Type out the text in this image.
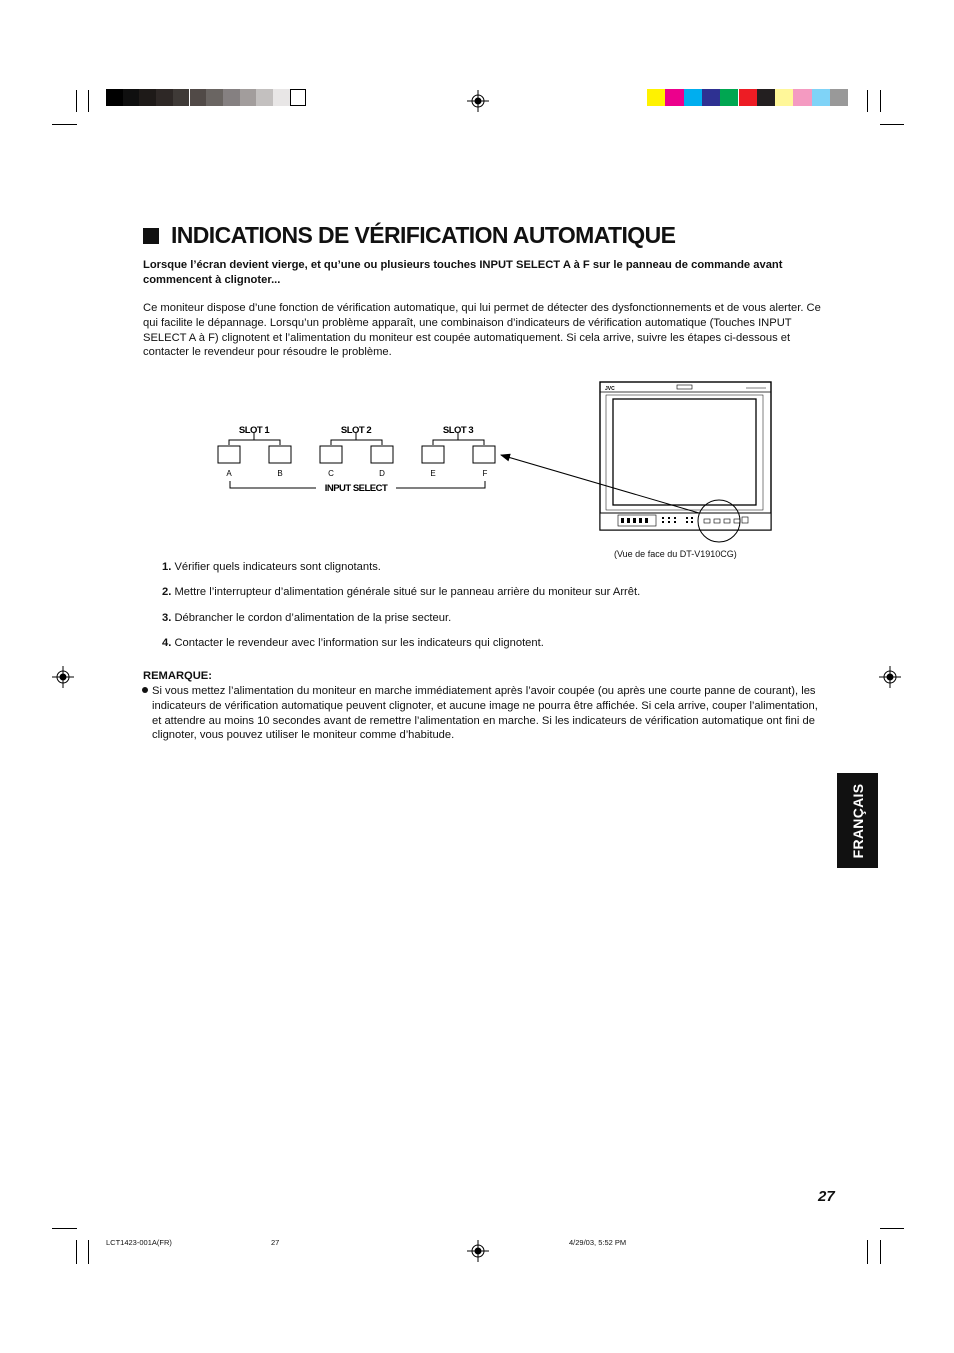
INDICATIONS DE VÉRIFICATION AUTOMATIQUE
Lorsque l’écran devient vierge, et qu’une ou plusieurs touches INPUT SELECT A à F sur le panneau de commande avant commencent à clignoter...
Ce moniteur dispose d’une fonction de vérification automatique, qui lui permet de détecter des dysfonctionnements et de vous alerter. Ce qui facilite le dépannage. Lorsqu’un problème apparaît, une combinaison d’indicateurs de vérification automatique (Touches INPUT SELECT A à F) clignotent et l’alimentation du moniteur est coupée automatiquement. Si cela arrive, suivre les étapes ci-dessous et contacter le revendeur pour résoudre le problème.
SLOT 1	SLOT 2	SLOT 3
INPUT SELECT
A	B	C	D	E	F
JVC
(Vue de face du DT-V1910CG)
1. Vérifier quels indicateurs sont clignotants.
2. Mettre l’interrupteur d’alimentation générale situé sur le panneau arrière du moniteur sur Arrêt.
3. Débrancher le cordon d’alimentation de la prise secteur.
4. Contacter le revendeur avec l’information sur les indicateurs qui clignotent.
REMARQUE:
Si vous mettez l’alimentation du moniteur en marche immédiatement après l’avoir coupée (ou après une courte panne de courant), les indicateurs de vérification automatique peuvent clignoter, et aucune image ne pourra être affichée. Si cela arrive, couper l’alimentation, et attendre au moins 10 secondes avant de remettre l’alimentation en marche. Si les indicateurs de vérification automatique ont fini de clignoter, vous pouvez utiliser le moniteur comme d’habitude.
FRANÇAIS
27
LCT1423-001A(FR)	27	4/29/03, 5:52 PM
